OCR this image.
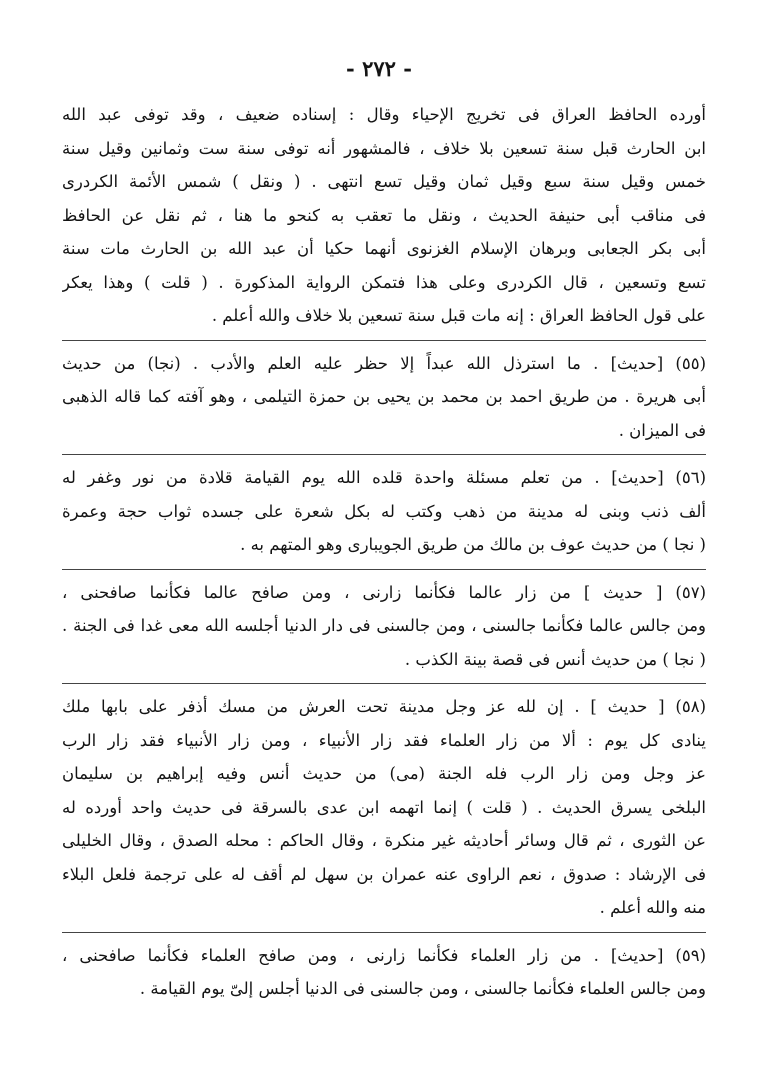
- ٢٧٢ -
أورده الحافظ العراق فى تخريج الإحياء وقال : إسناده ضعيف ، وقد توفى عبد الله
ابن الحارث قبل سنة تسعين بلا خلاف ، فالمشهور أنه توفى سنة ست وثمانين وقيل سنة
خمس وقيل سنة سبع وقيل ثمان وقيل تسع انتهى . ( ونقل ) شمس الأئمة الكردرى
فى مناقب أبى حنيفة الحديث ، ونقل ما تعقب به كنحو ما هنا ، ثم نقل عن الحافظ
أبى بكر الجعابى وبرهان الإسلام الغزنوى أنهما حكيا أن عبد الله بن الحارث مات سنة
تسع وتسعين ، قال الكردرى وعلى هذا فتمكن الرواية المذكورة . ( قلت ) وهذا يعكر
على قول الحافظ العراق : إنه مات قبل سنة تسعين بلا خلاف والله أعلم .
(٥٥) [حديث] . ما استرذل الله عبداً إلا حظر عليه العلم والأدب . (نجا) من حديث
أبى هريرة . من طريق احمد بن محمد بن يحيى بن حمزة التيلمى ، وهو آفته كما قاله الذهبى
فى الميزان .
(٥٦) [حديث] . من تعلم مسئلة واحدة قلده الله يوم القيامة قلادة من نور وغفر له
ألف ذنب وبنى له مدينة من ذهب وكتب له بكل شعرة على جسده ثواب حجة وعمرة
( نجا ) من حديث عوف بن مالك من طريق الجويبارى وهو المتهم به .
(٥٧) [ حديث ] من زار عالما فكأنما زارنى ، ومن صافح عالما فكأنما صافحنى ،
ومن جالس عالما فكأنما جالسنى ، ومن جالسنى فى دار الدنيا أجلسه الله معى غدا فى الجنة .
( نجا ) من حديث أنس فى قصة بينة الكذب .
(٥٨) [ حديث ] . إن لله عز وجل مدينة تحت العرش من مسك أذفر على بابها ملك
ينادى كل يوم : ألا من زار العلماء فقد زار الأنبياء ، ومن زار الأنبياء فقد زار الرب
عز وجل ومن زار الرب فله الجنة (مى) من حديث أنس وفيه إبراهيم بن سليمان
البلخى يسرق الحديث . ( قلت ) إنما اتهمه ابن عدى بالسرقة فى حديث واحد أورده له
عن الثورى ، ثم قال وسائر أحاديثه غير منكرة ، وقال الحاكم : محله الصدق ، وقال الخليلى
فى الإرشاد : صدوق ، نعم الراوى عنه عمران بن سهل لم أقف له على ترجمة فلعل البلاء
منه والله أعلم .
(٥٩) [حديث] . من زار العلماء فكأنما زارنى ، ومن صافح العلماء فكأنما صافحنى ،
ومن جالس العلماء فكأنما جالسنى ، ومن جالسنى فى الدنيا أجلس إلىّ يوم القيامة .
